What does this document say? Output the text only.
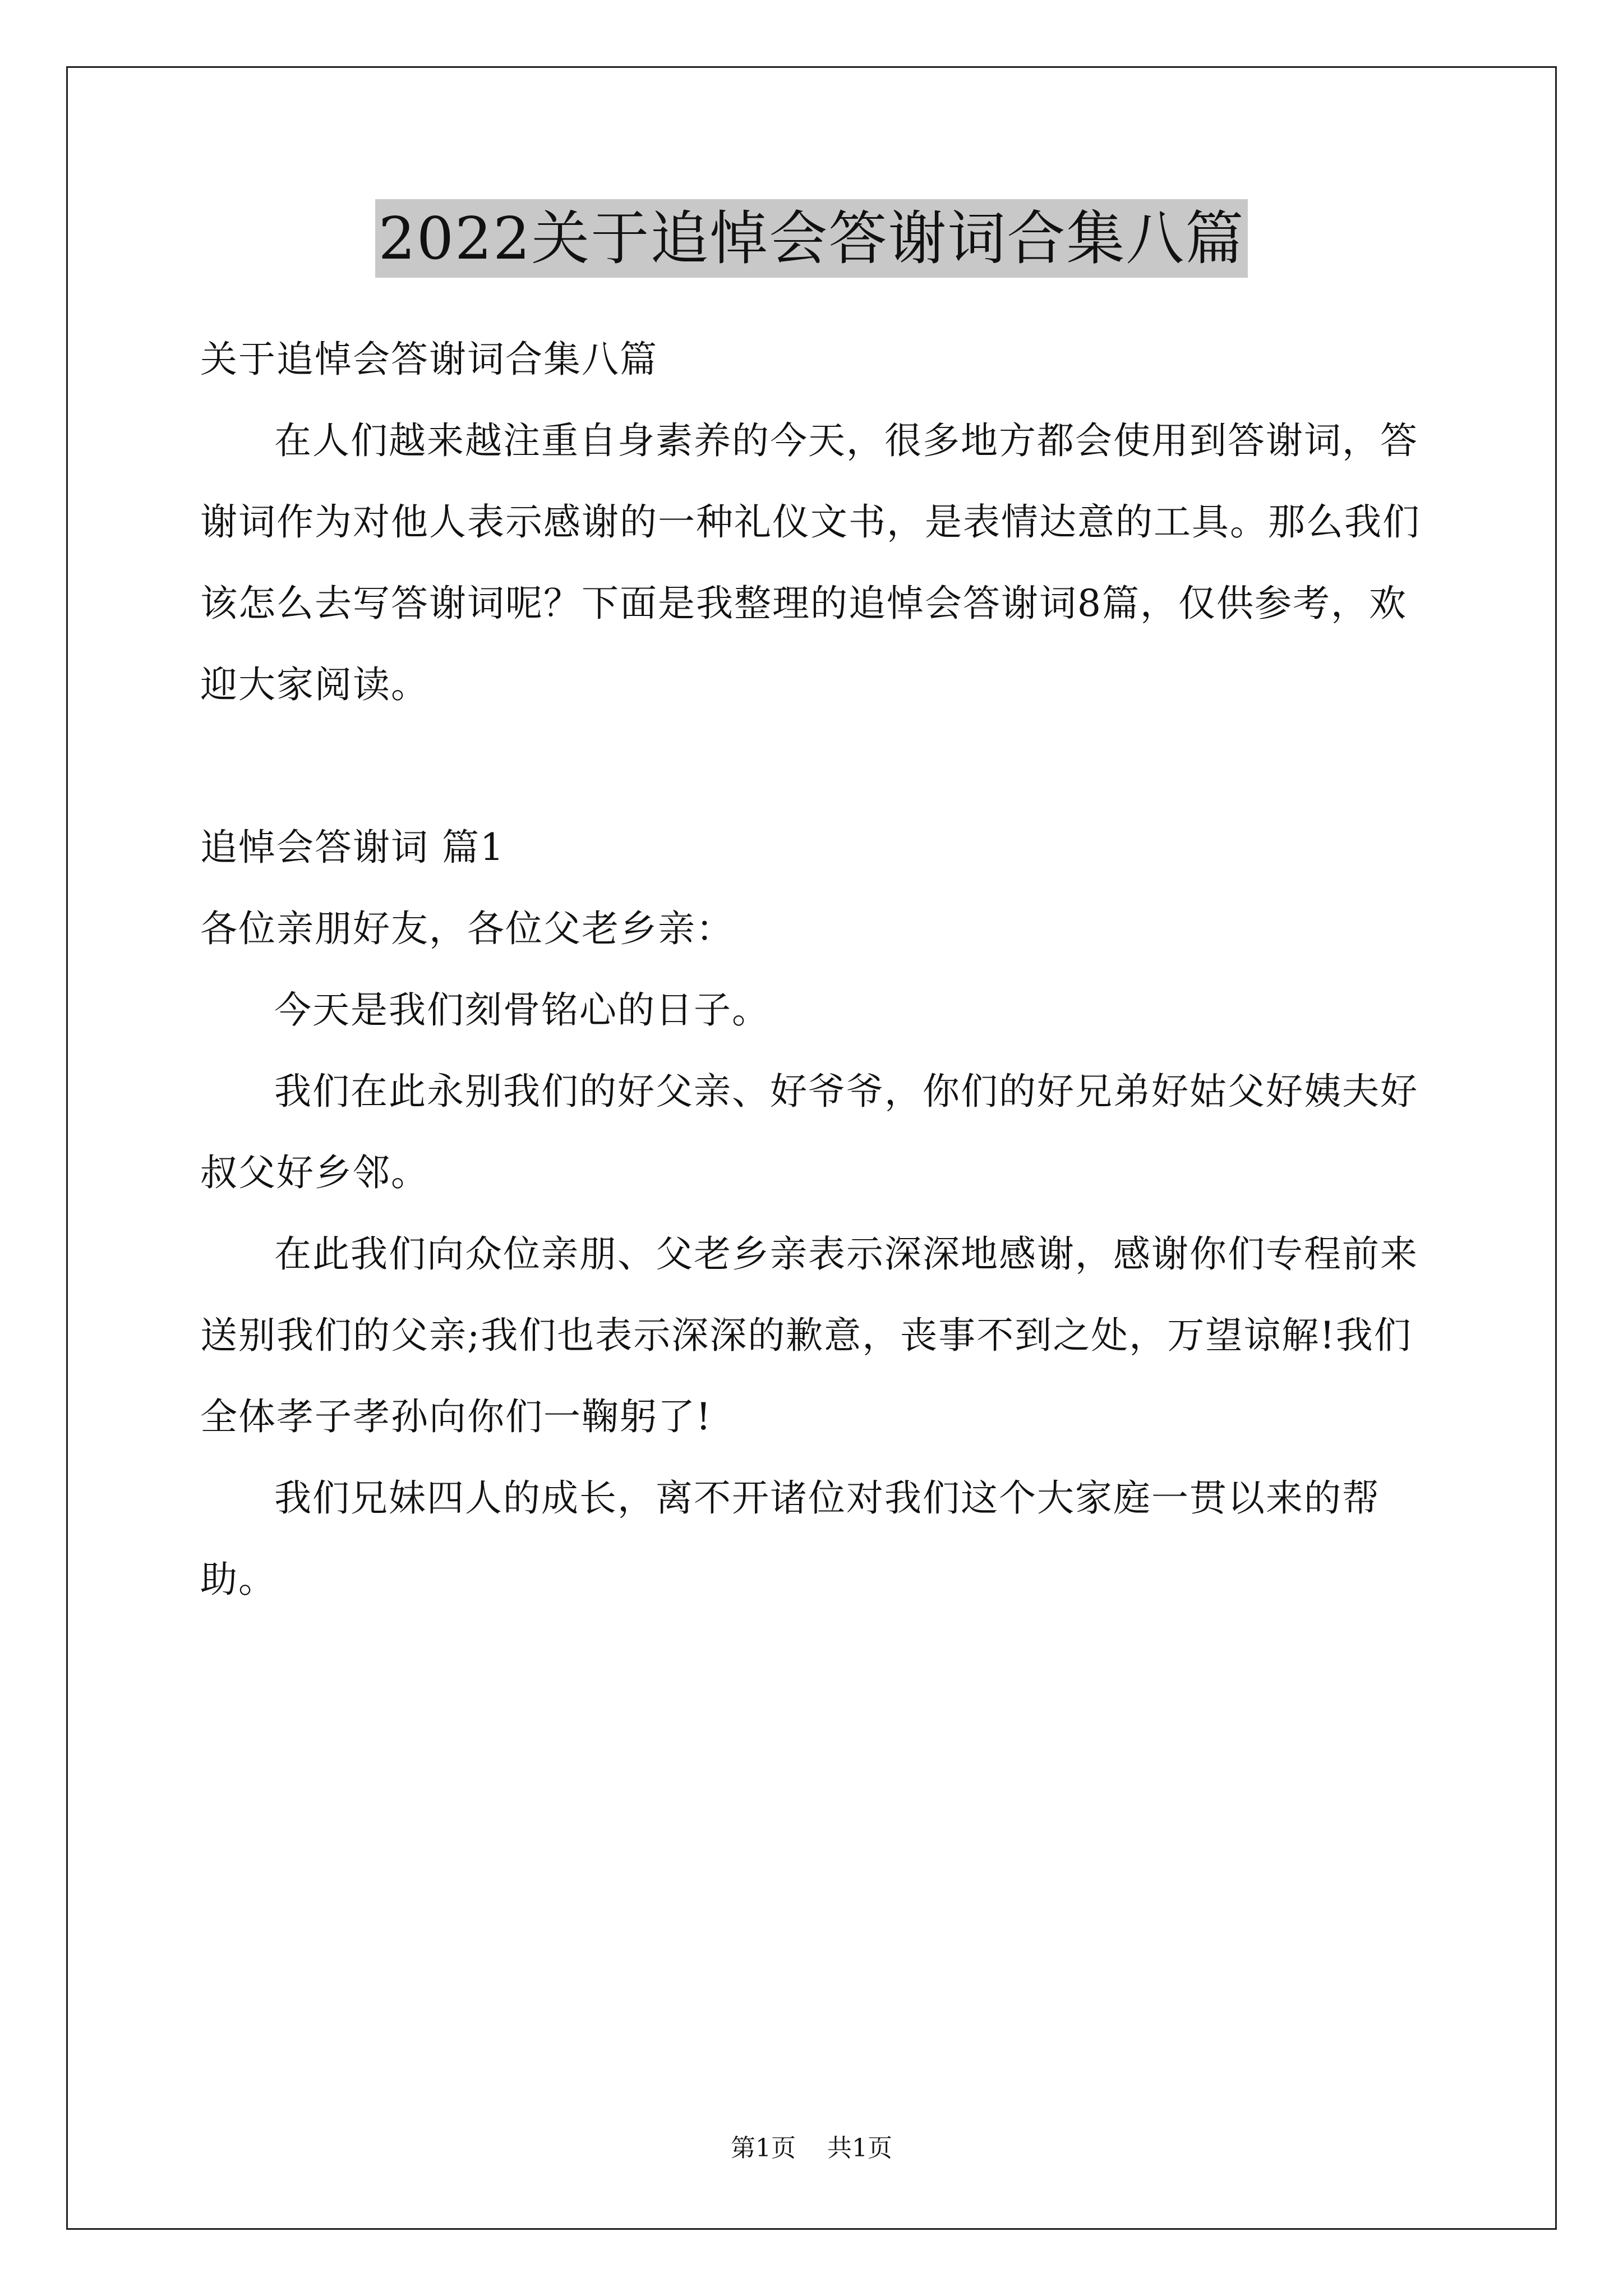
2022关于追悼会答谢词合集八篇

关于追悼会答谢词合集八篇

在人们越来越注重自身素养的今天，很多地方都会使用到答谢词，答谢词作为对他人表示感谢的一种礼仪文书，是表情达意的工具。那么我们该怎么去写答谢词呢？下面是我整理的追悼会答谢词8篇，仅供参考，欢迎大家阅读。

追悼会答谢词 篇1

各位亲朋好友，各位父老乡亲：

今天是我们刻骨铭心的日子。

我们在此永别我们的好父亲、好爷爷，你们的好兄弟好姑父好姨夫好叔父好乡邻。

在此我们向众位亲朋、父老乡亲表示深深地感谢，感谢你们专程前来送别我们的父亲;我们也表示深深的歉意，丧事不到之处，万望谅解!我们全体孝子孝孙向你们一鞠躬了!

我们兄妹四人的成长，离不开诸位对我们这个大家庭一贯以来的帮助。

第1页 共1页
